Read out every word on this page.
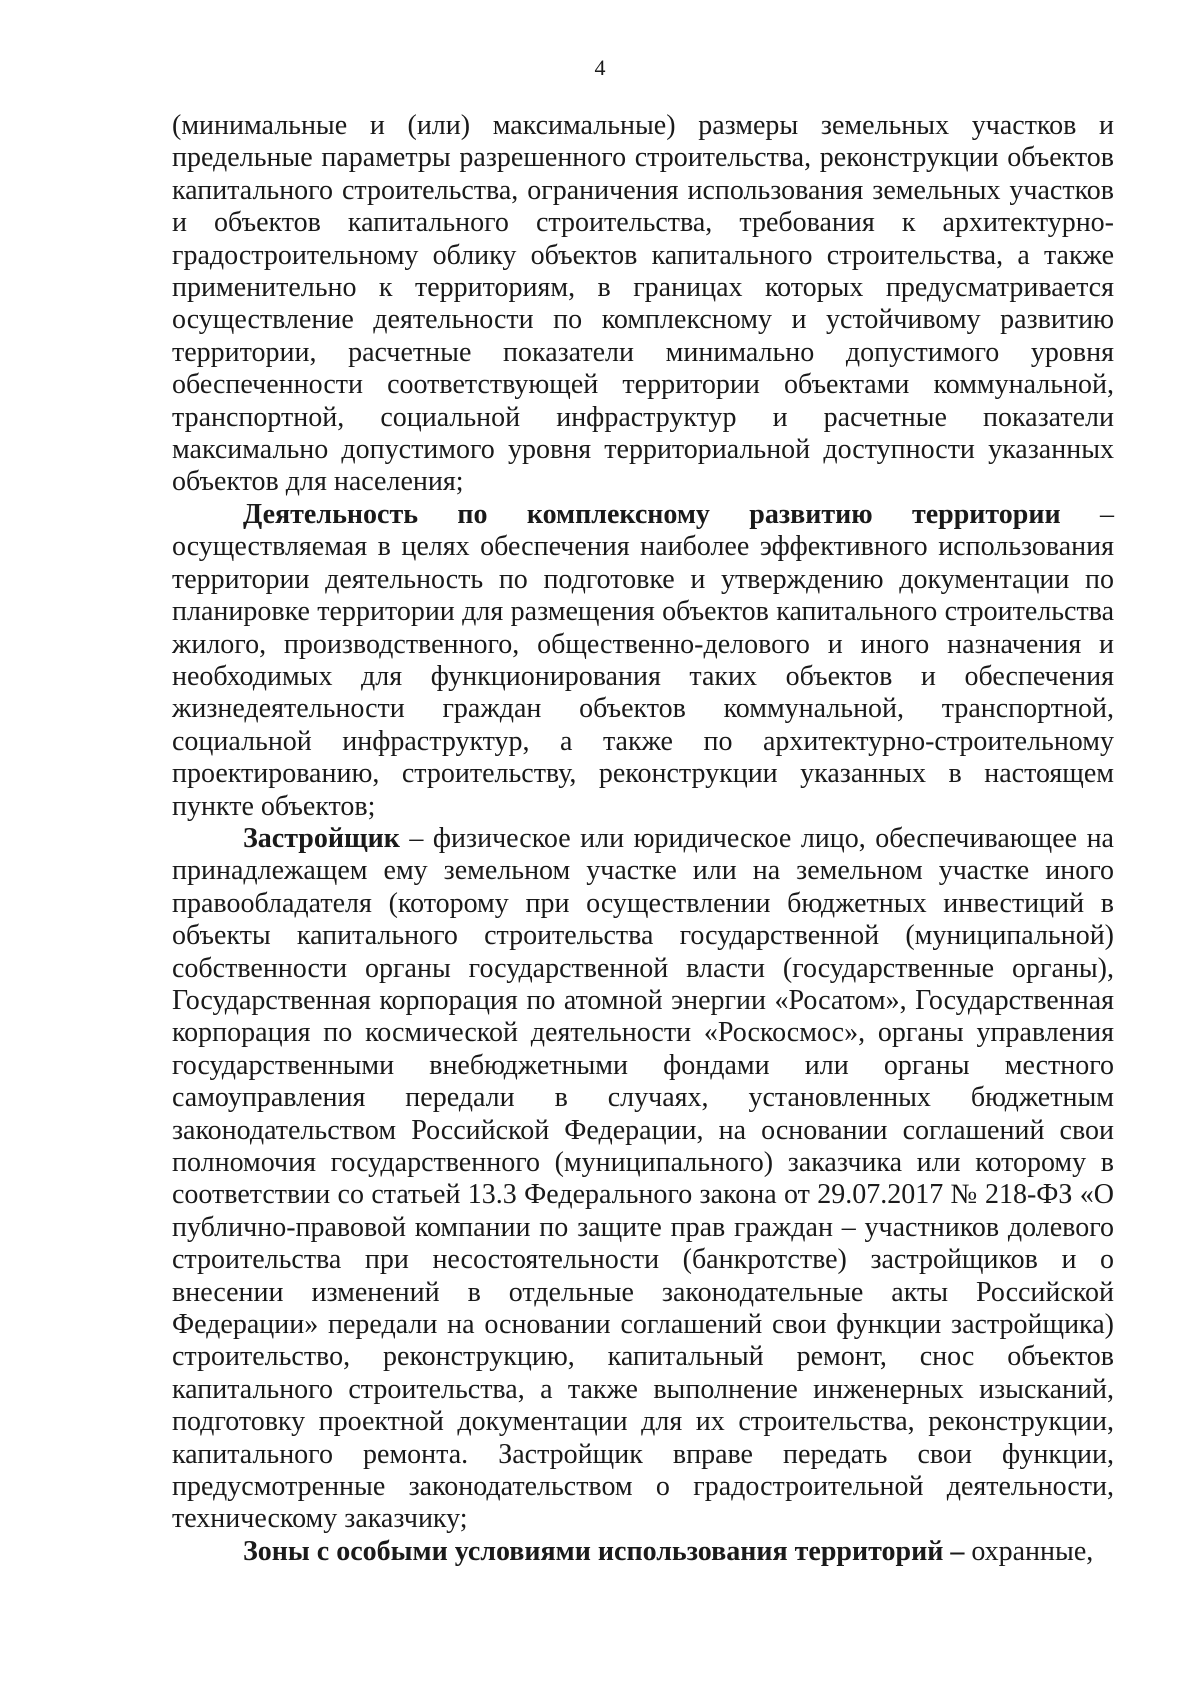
4

(минимальные и (или) максимальные) размеры земельных участков и предельные параметры разрешенного строительства, реконструкции объектов капитального строительства, ограничения использования земельных участков и объектов капитального строительства, требования к архитектурно-градостроительному облику объектов капитального строительства, а также применительно к территориям, в границах которых предусматривается осуществление деятельности по комплексному и устойчивому развитию территории, расчетные показатели минимально допустимого уровня обеспеченности соответствующей территории объектами коммунальной, транспортной, социальной инфраструктур и расчетные показатели максимально допустимого уровня территориальной доступности указанных объектов для населения;

Деятельность по комплексному развитию территории – осуществляемая в целях обеспечения наиболее эффективного использования территории деятельность по подготовке и утверждению документации по планировке территории для размещения объектов капитального строительства жилого, производственного, общественно-делового и иного назначения и необходимых для функционирования таких объектов и обеспечения жизнедеятельности граждан объектов коммунальной, транспортной, социальной инфраструктур, а также по архитектурно-строительному проектированию, строительству, реконструкции указанных в настоящем пункте объектов;

Застройщик – физическое или юридическое лицо, обеспечивающее на принадлежащем ему земельном участке или на земельном участке иного правообладателя (которому при осуществлении бюджетных инвестиций в объекты капитального строительства государственной (муниципальной) собственности органы государственной власти (государственные органы), Государственная корпорация по атомной энергии «Росатом», Государственная корпорация по космической деятельности «Роскосмос», органы управления государственными внебюджетными фондами или органы местного самоуправления передали в случаях, установленных бюджетным законодательством Российской Федерации, на основании соглашений свои полномочия государственного (муниципального) заказчика или которому в соответствии со статьей 13.3 Федерального закона от 29.07.2017 № 218-ФЗ «О публично-правовой компании по защите прав граждан – участников долевого строительства при несостоятельности (банкротстве) застройщиков и о внесении изменений в отдельные законодательные акты Российской Федерации» передали на основании соглашений свои функции застройщика) строительство, реконструкцию, капитальный ремонт, снос объектов капитального строительства, а также выполнение инженерных изысканий, подготовку проектной документации для их строительства, реконструкции, капитального ремонта. Застройщик вправе передать свои функции, предусмотренные законодательством о градостроительной деятельности, техническому заказчику;

Зоны с особыми условиями использования территорий – охранные,
